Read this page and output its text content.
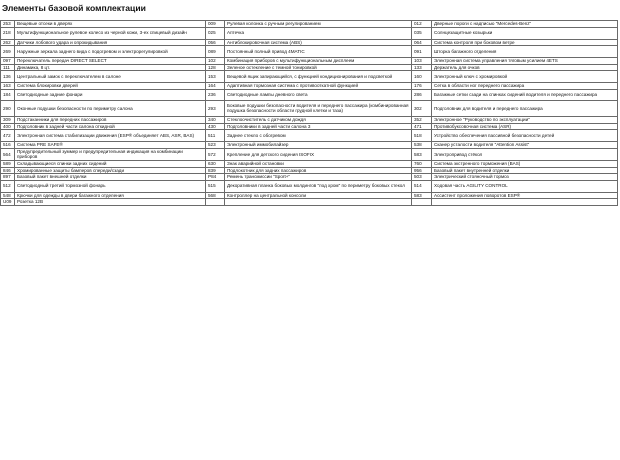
Элементы базовой комплектации
253	Вещевые отсеки в дверях	009	Рулевая колонка с ручным регулированием	012	Дверные пороги с надписью "Mercedes-Benz"
218	Мультифункциональное рулевое колесо из черной кожи, 3-ех спицевый дизайн	025	Аптечка	035	Солнцезащитные козырьки
262	Датчики лобового удара и опрокидывания	056	Антиблокировочная система (ABS)	064	Система контроля при боковом ветре
269	Наружные зеркала заднего вида с подогревом и электрорегулировкой	089	Постоянный полный привод 4MATIC	091	Шторка багажного отделения
097	Переключатель передач DIRECT SELECT	102	Комбинация приборов с мультифункциональным дисплеем	103	Электронная система управления тяговым усилием 4ETS
111	Динамика, 8 цт.	128	Зеленое остекление с темной тонировкой	133	Держатель для очков
136	Центральный замок с переключателем в салоне	153	Вещевой ящик запирающийся, с функцией кондиционирования и подсветкой	160	Электронный ключ с хромировкой
163	Система блокировки дверей	164	Адаптивная тормозная система с противооткатной функцией	176	Сетка в области ног переднего пассажира
184	Светодиодные задние фонари	236	Светодиодные лампы дневного света	286	Багажные сетки сзади на спинках сидений водителя и переднего пассажира
290	Оконные подушки безопасности по периметру салона	293	Боковые подушки безопасности водителя и переднего пассажира (комбинированная подушка безопасности области грудной клетки и таза)	302	Подголовник для водителя и переднего пассажира
309	Подстаканники для передних пассажиров	340	Стеклоочиститель с датчиком дождя	352	Электронное "Руководство по эксплуатации"
400	Подголовник в задней части салона откидной	430	Подголовники в задней части салона 3	471	Противобуксовочная система (ASR)
472	Электронная система стабилизации движения (ESP® объединяет ABS, ASR, BAS)	511	Заднее стекло с обогревом	518	Устройство обеспечения пассивной безопасности детей
516	Система PRE SAFE®	523	Электронный иммобилайзер	538	Сканер усталости водителя "Attention Assist"
564	Предупредительный зуммер и предупредительная индикация на комбинации приборов	572	Крепление для детского сидения ISOFIX	583	Электропривод стёкол
589	Складывающиеся спинки задних сидений	630	Знак аварийной остановки	760	Система экстренного торможения (BAS)
846	Хромированные защиты бамперов спереди/сзади	839	Подлокотник для задних пассажиров	956	Базовый пакет внутренней отделки
897	Базовый пакет внешней отделки	P84	Ремень трансмиссии "Sport+"	503	Электрический стояночный тормоз
512	Светодиодный третий тормозной фонарь	515	Декоративная планка боковых молдингов "под хром" по периметру боковых стекол	514	Ходовая часть AGILITY CONTROL
548	Крючки для одежды в двери багажного отделения	568	Контроллер на центральной консоли	583	Ассистент проложения поворотов ESP®
U09	Розетка 12В				
